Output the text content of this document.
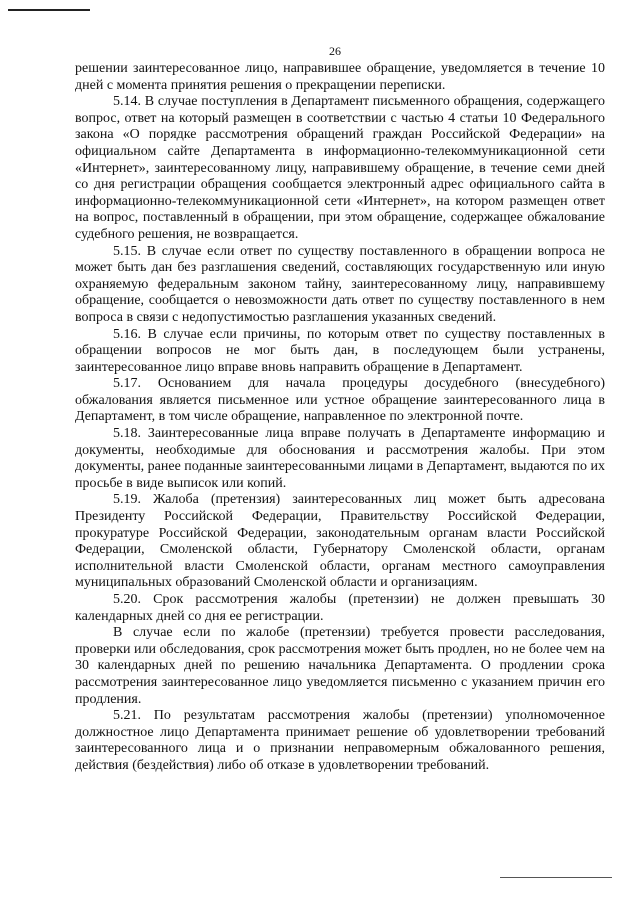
26

решении заинтересованное лицо, направившее обращение, уведомляется в течение 10 дней с момента принятия решения о прекращении переписки.

5.14. В случае поступления в Департамент письменного обращения, содержащего вопрос, ответ на который размещен в соответствии с частью 4 статьи 10 Федерального закона «О порядке рассмотрения обращений граждан Российской Федерации» на официальном сайте Департамента в информационно-телекоммуникационной сети «Интернет», заинтересованному лицу, направившему обращение, в течение семи дней со дня регистрации обращения сообщается электронный адрес официального сайта в информационно-телекоммуникационной сети «Интернет», на котором размещен ответ на вопрос, поставленный в обращении, при этом обращение, содержащее обжалование судебного решения, не возвращается.

5.15. В случае если ответ по существу поставленного в обращении вопроса не может быть дан без разглашения сведений, составляющих государственную или иную охраняемую федеральным законом тайну, заинтересованному лицу, направившему обращение, сообщается о невозможности дать ответ по существу поставленного в нем вопроса в связи с недопустимостью разглашения указанных сведений.

5.16. В случае если причины, по которым ответ по существу поставленных в обращении вопросов не мог быть дан, в последующем были устранены, заинтересованное лицо вправе вновь направить обращение в Департамент.

5.17. Основанием для начала процедуры досудебного (внесудебного) обжалования является письменное или устное обращение заинтересованного лица в Департамент, в том числе обращение, направленное по электронной почте.

5.18. Заинтересованные лица вправе получать в Департаменте информацию и документы, необходимые для обоснования и рассмотрения жалобы. При этом документы, ранее поданные заинтересованными лицами в Департамент, выдаются по их просьбе в виде выписок или копий.

5.19. Жалоба (претензия) заинтересованных лиц может быть адресована Президенту Российской Федерации, Правительству Российской Федерации, прокуратуре Российской Федерации, законодательным органам власти Российской Федерации, Смоленской области, Губернатору Смоленской области, органам исполнительной власти Смоленской области, органам местного самоуправления муниципальных образований Смоленской области и организациям.

5.20. Срок рассмотрения жалобы (претензии) не должен превышать 30 календарных дней со дня ее регистрации.

В случае если по жалобе (претензии) требуется провести расследования, проверки или обследования, срок рассмотрения может быть продлен, но не более чем на 30 календарных дней по решению начальника Департамента. О продлении срока рассмотрения заинтересованное лицо уведомляется письменно с указанием причин его продления.

5.21. По результатам рассмотрения жалобы (претензии) уполномоченное должностное лицо Департамента принимает решение об удовлетворении требований заинтересованного лица и о признании неправомерным обжалованного решения, действия (бездействия) либо об отказе в удовлетворении требований.
